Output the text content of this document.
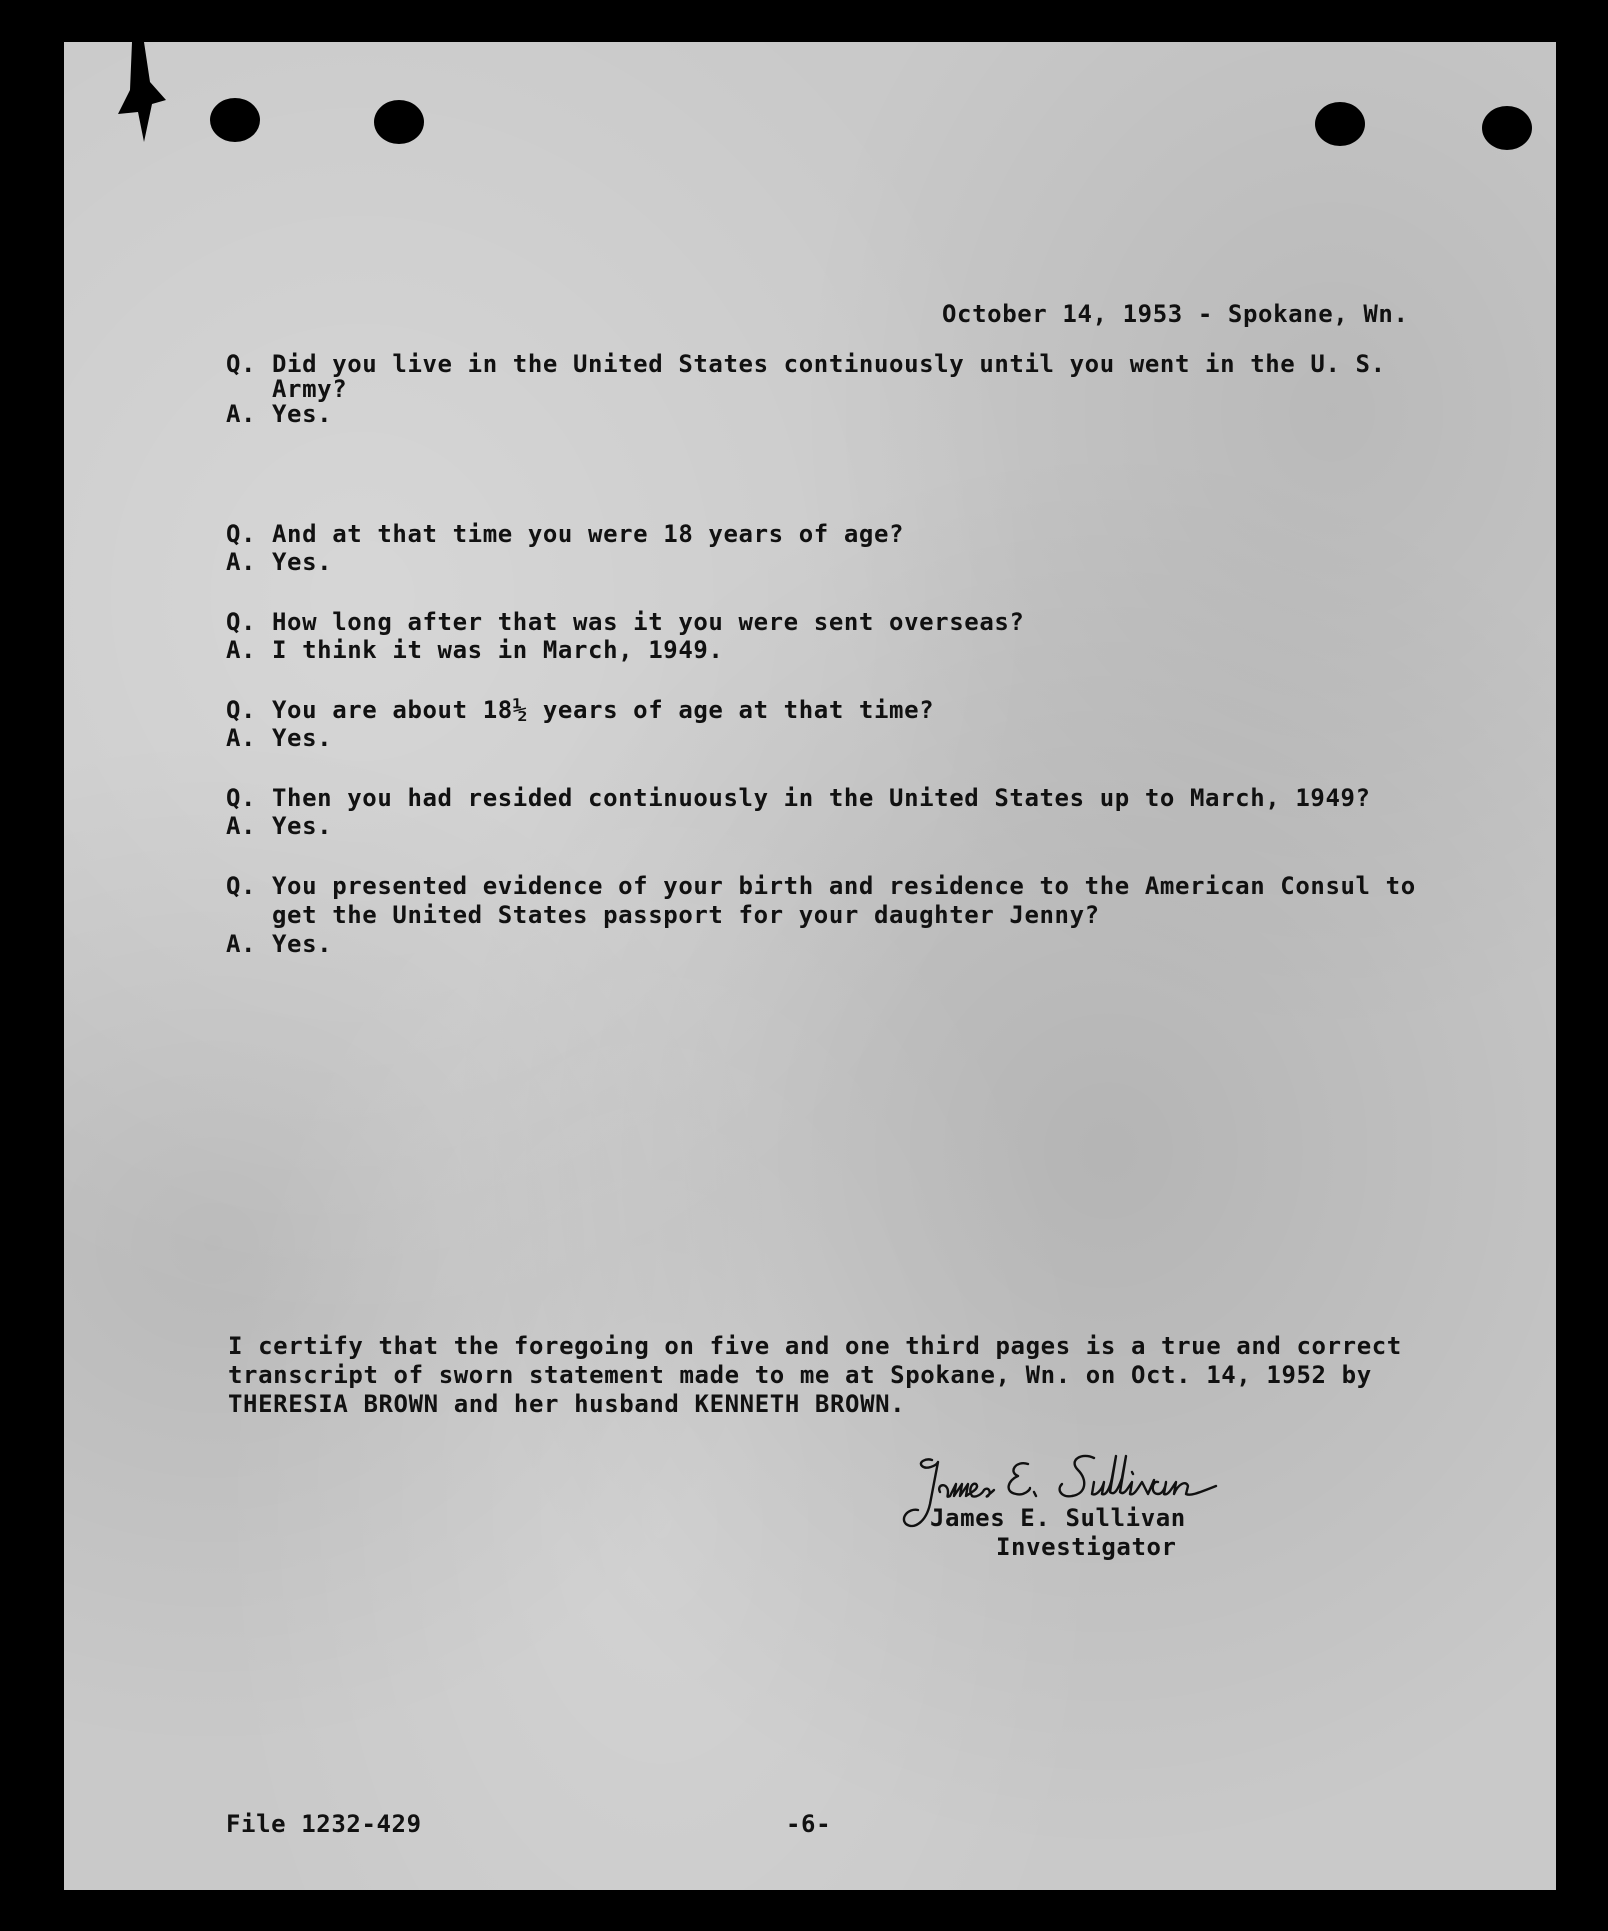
October 14, 1953 - Spokane, Wn.
Q. Did you live in the United States continuously until you went in the U. S.
Army?
A. Yes.
Q. And at that time you were 18 years of age?
A. Yes.
Q. How long after that was it you were sent overseas?
A. I think it was in March, 1949.
Q. You are about 18½ years of age at that time?
A. Yes.
Q. Then you had resided continuously in the United States up to March, 1949?
A. Yes.
Q. You presented evidence of your birth and residence to the American Consul to
get the United States passport for your daughter Jenny?
A. Yes.
I certify that the foregoing on five and one third pages is a true and correct
transcript of sworn statement made to me at Spokane, Wn. on Oct. 14, 1952 by
THERESIA BROWN and her husband KENNETH BROWN.
James E. Sullivan
Investigator
File 1232-429	-6-
